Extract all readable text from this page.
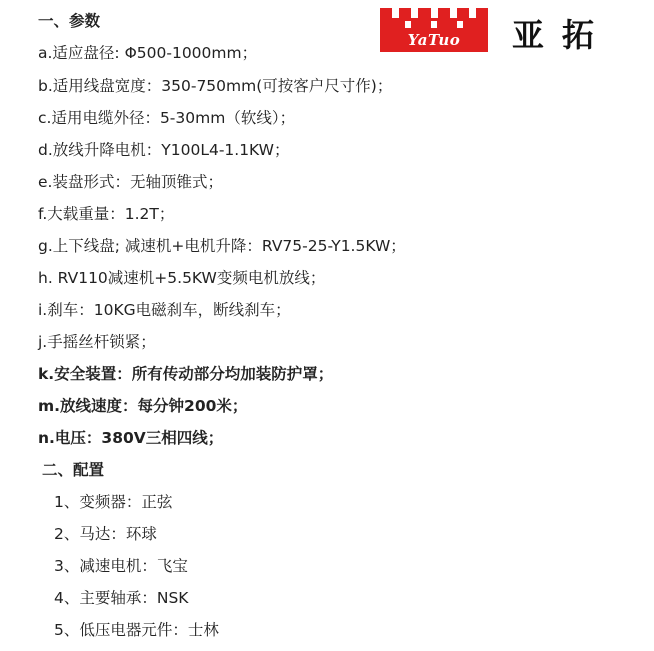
一、参数
a.适应盘径: Φ500-1000mm；
b.适用线盘宽度：350-750mm(可按客户尺寸作)；
c.适用电缆外径：5-30mm（软线）；
d.放线升降电机：Y100L4-1.1KW；
e.装盘形式：无轴顶锥式；
f.大载重量：1.2T；
g.上下线盘; 减速机+电机升降：RV75-25-Y1.5KW；
h. RV110减速机+5.5KW变频电机放线；
i.刹车：10KG电磁刹车，断线刹车；
j.手摇丝杆锁紧；
k.安全装置：所有传动部分均加装防护罩；
m.放线速度：每分钟200米；
n.电压：380V三相四线；
二、配置
1、变频器：正弦
2、马达：环球
3、减速电机：飞宝
4、主要轴承：NSK
5、低压电器元件：士林
YaTuo	亚拓
